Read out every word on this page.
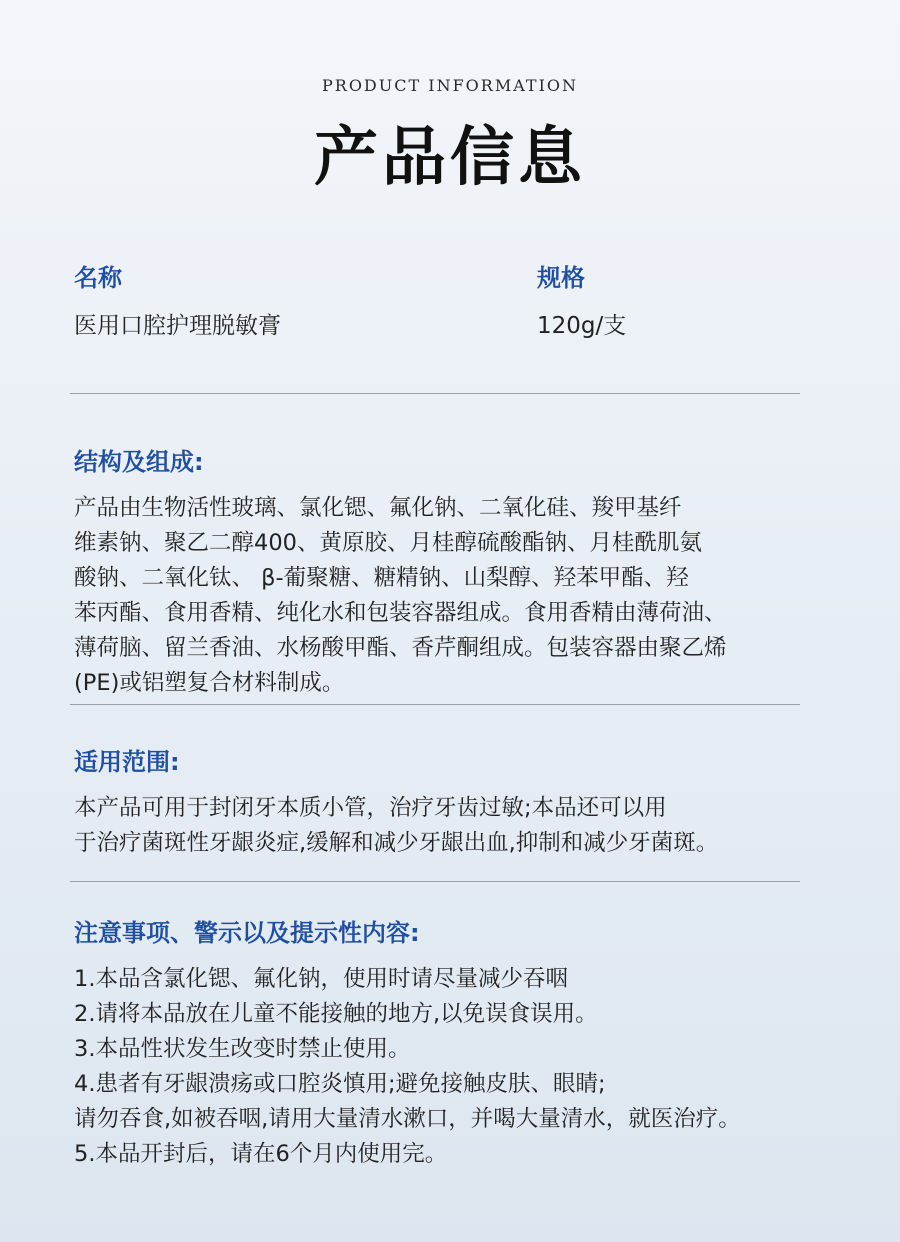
PRODUCT INFORMATION
产品信息
名称
医用口腔护理脱敏膏
规格
120g/支
结构及组成:
产品由生物活性玻璃、氯化锶、氟化钠、二氧化硅、羧甲基纤
维素钠、聚乙二醇400、黄原胶、月桂醇硫酸酯钠、月桂酰肌氨
酸钠、二氧化钛、 β-葡聚糖、糖精钠、山梨醇、羟苯甲酯、羟
苯丙酯、食用香精、纯化水和包装容器组成。食用香精由薄荷油、
薄荷脑、留兰香油、水杨酸甲酯、香芹酮组成。包装容器由聚乙烯
(PE)或铝塑复合材料制成。
适用范围:
本产品可用于封闭牙本质小管，治疗牙齿过敏;本品还可以用
于治疗菌斑性牙龈炎症,缓解和减少牙龈出血,抑制和减少牙菌斑。
注意事项、警示以及提示性内容:
1.本品含氯化锶、氟化钠，使用时请尽量减少吞咽
2.请将本品放在儿童不能接触的地方,以免误食误用。
3.本品性状发生改变时禁止使用。
4.患者有牙龈溃疡或口腔炎慎用;避免接触皮肤、眼睛;
请勿吞食,如被吞咽,请用大量清水漱口，并喝大量清水，就医治疗。
5.本品开封后，请在6个月内使用完。
